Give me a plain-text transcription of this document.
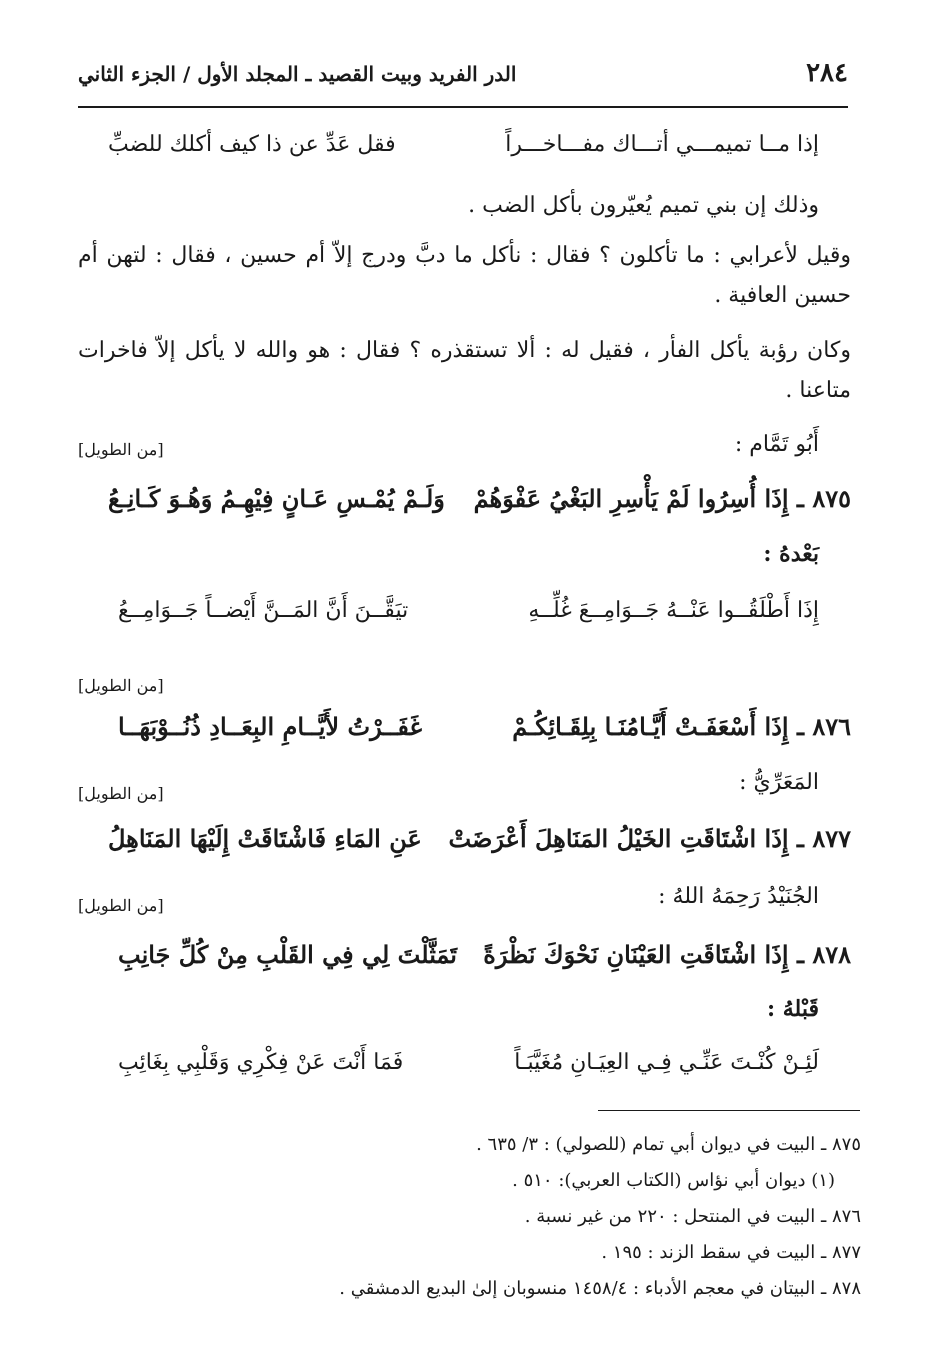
٢٨٤
الدر الفريد وبيت القصيد ـ المجلد الأول / الجزء الثاني
إذا مــا تميمـــي أتـــاك مفـــاخـــراً
فقل عَدِّ عن ذا كيف أكلك للضبِّ
وذلك إن بني تميم يُعيّرون بأكل الضب .
وقيل لأعرابي : ما تأكلون ؟ فقال : نأكل ما دبَّ ودرج إلاّ أم حسين ، فقال : لتهن أم حسين العافية .
وكان رؤبة يأكل الفأر ، فقيل له : ألا تستقذره ؟ فقال : هو والله لا يأكل إلاّ فاخرات متاعنا .
أَبُو تَمَّام :
[من الطويل]
٨٧٥ ـ إِذَا أُسِرُوا لَمْ يَأْسِرِ البَغْيُ عَفْوَهُمْ
وَلَـمْ يُمْـسِ عَـانٍ فِيْهِـمُ وَهُـوَ كَـانِـعُ
بَعْدهُ :
إِذَا أَطْلَقُــوا عَنْــهُ جَــوَامِــعَ غُلِّــهِ
تيَقَّــنَ أَنَّ المَــنَّ أَيْضــاً جَــوَامِــعُ
[من الطويل]
٨٧٦ ـ إِذَا أَسْعَفَـتْ أَيَّـامُنَـا بِلِقَـائِكُـمْ
غَفَــرْتُ لأَيَّــامِ البِعَــادِ ذُنُــوْبَهَــا
المَعَرِّيُّ :
[من الطويل]
٨٧٧ ـ إِذَا اشْتَاقَتِ الخَيْلُ المَنَاهِلَ أَعْرَضَتْ
عَنِ المَاءِ فَاشْتَاقَتْ إِلَيْهَا المَنَاهِلُ
الجُنَيْدُ رَحِمَهُ اللهُ :
[من الطويل]
٨٧٨ ـ إِذَا اشْتَاقَتِ العَيْنَانِ نَحْوَكَ نَظْرَةً
تَمَثَّلْتَ لِي فِي القَلْبِ مِنْ كُلِّ جَانِبِ
قَبْلهُ :
لَئِـنْ كُنْـتَ عَنِّـي فِـي العِيَـانِ مُغَيَّبَـاً
فَمَا أَنْتَ عَنْ فِكْرِي وَقَلْبِي بِغَائِبِ
٨٧٥ ـ البيت في ديوان أبي تمام (للصولي) : ٣/ ٦٣٥ .
(١) ديوان أبي نؤاس (الكتاب العربي): ٥١٠ .
٨٧٦ ـ البيت في المنتحل : ٢٢٠ من غير نسبة .
٨٧٧ ـ البيت في سقط الزند : ١٩٥ .
٨٧٨ ـ البيتان في معجم الأدباء : ١٤٥٨/٤ منسوبان إلىٰ البديع الدمشقي .
